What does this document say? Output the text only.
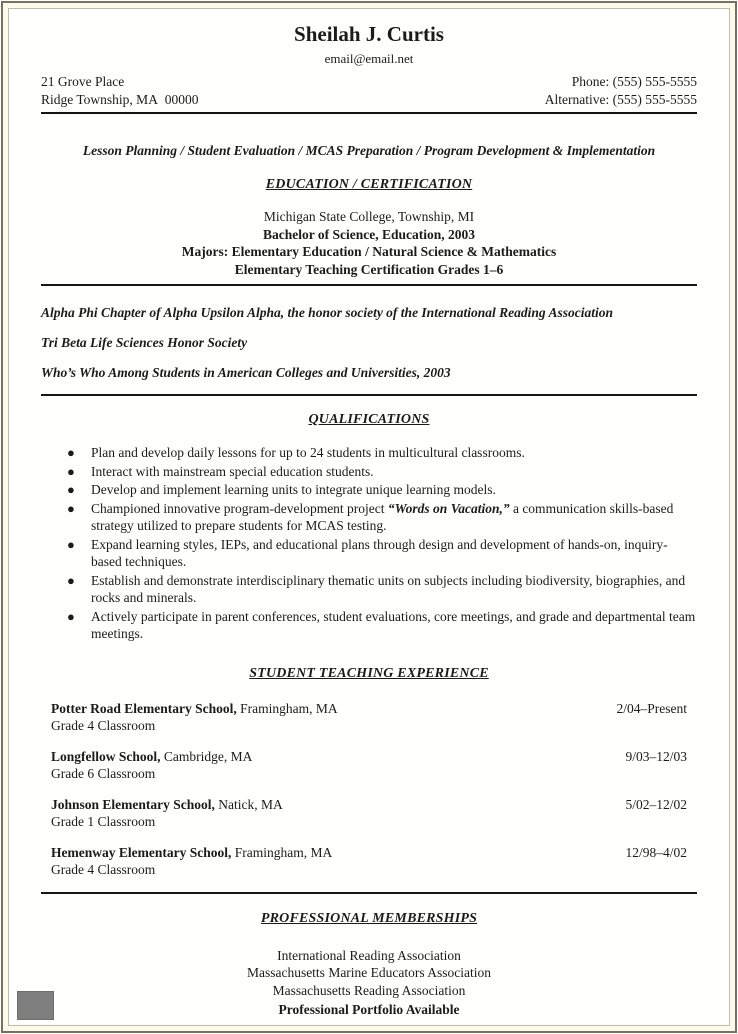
Sheilah J. Curtis
email@email.net
21 Grove Place
Ridge Township, MA  00000
Phone: (555) 555-5555
Alternative: (555) 555-5555
Lesson Planning / Student Evaluation / MCAS Preparation / Program Development & Implementation
EDUCATION / CERTIFICATION
Michigan State College, Township, MI
Bachelor of Science, Education, 2003
Majors: Elementary Education / Natural Science & Mathematics
Elementary Teaching Certification Grades 1–6
Alpha Phi Chapter of Alpha Upsilon Alpha, the honor society of the International Reading Association
Tri Beta Life Sciences Honor Society
Who’s Who Among Students in American Colleges and Universities, 2003
QUALIFICATIONS
● Plan and develop daily lessons for up to 24 students in multicultural classrooms.
● Interact with mainstream special education students.
● Develop and implement learning units to integrate unique learning models.
● Championed innovative program-development project “Words on Vacation,” a communication skills-based strategy utilized to prepare students for MCAS testing.
● Expand learning styles, IEPs, and educational plans through design and development of hands-on, inquiry-based techniques.
● Establish and demonstrate interdisciplinary thematic units on subjects including biodiversity, biographies, and rocks and minerals.
● Actively participate in parent conferences, student evaluations, core meetings, and grade and departmental team meetings.
STUDENT TEACHING EXPERIENCE
Potter Road Elementary School, Framingham, MA	2/04–Present
Grade 4 Classroom
Longfellow School, Cambridge, MA	9/03–12/03
Grade 6 Classroom
Johnson Elementary School, Natick, MA	5/02–12/02
Grade 1 Classroom
Hemenway Elementary School, Framingham, MA	12/98–4/02
Grade 4 Classroom
PROFESSIONAL MEMBERSHIPS
International Reading Association
Massachusetts Marine Educators Association
Massachusetts Reading Association
Professional Portfolio Available
